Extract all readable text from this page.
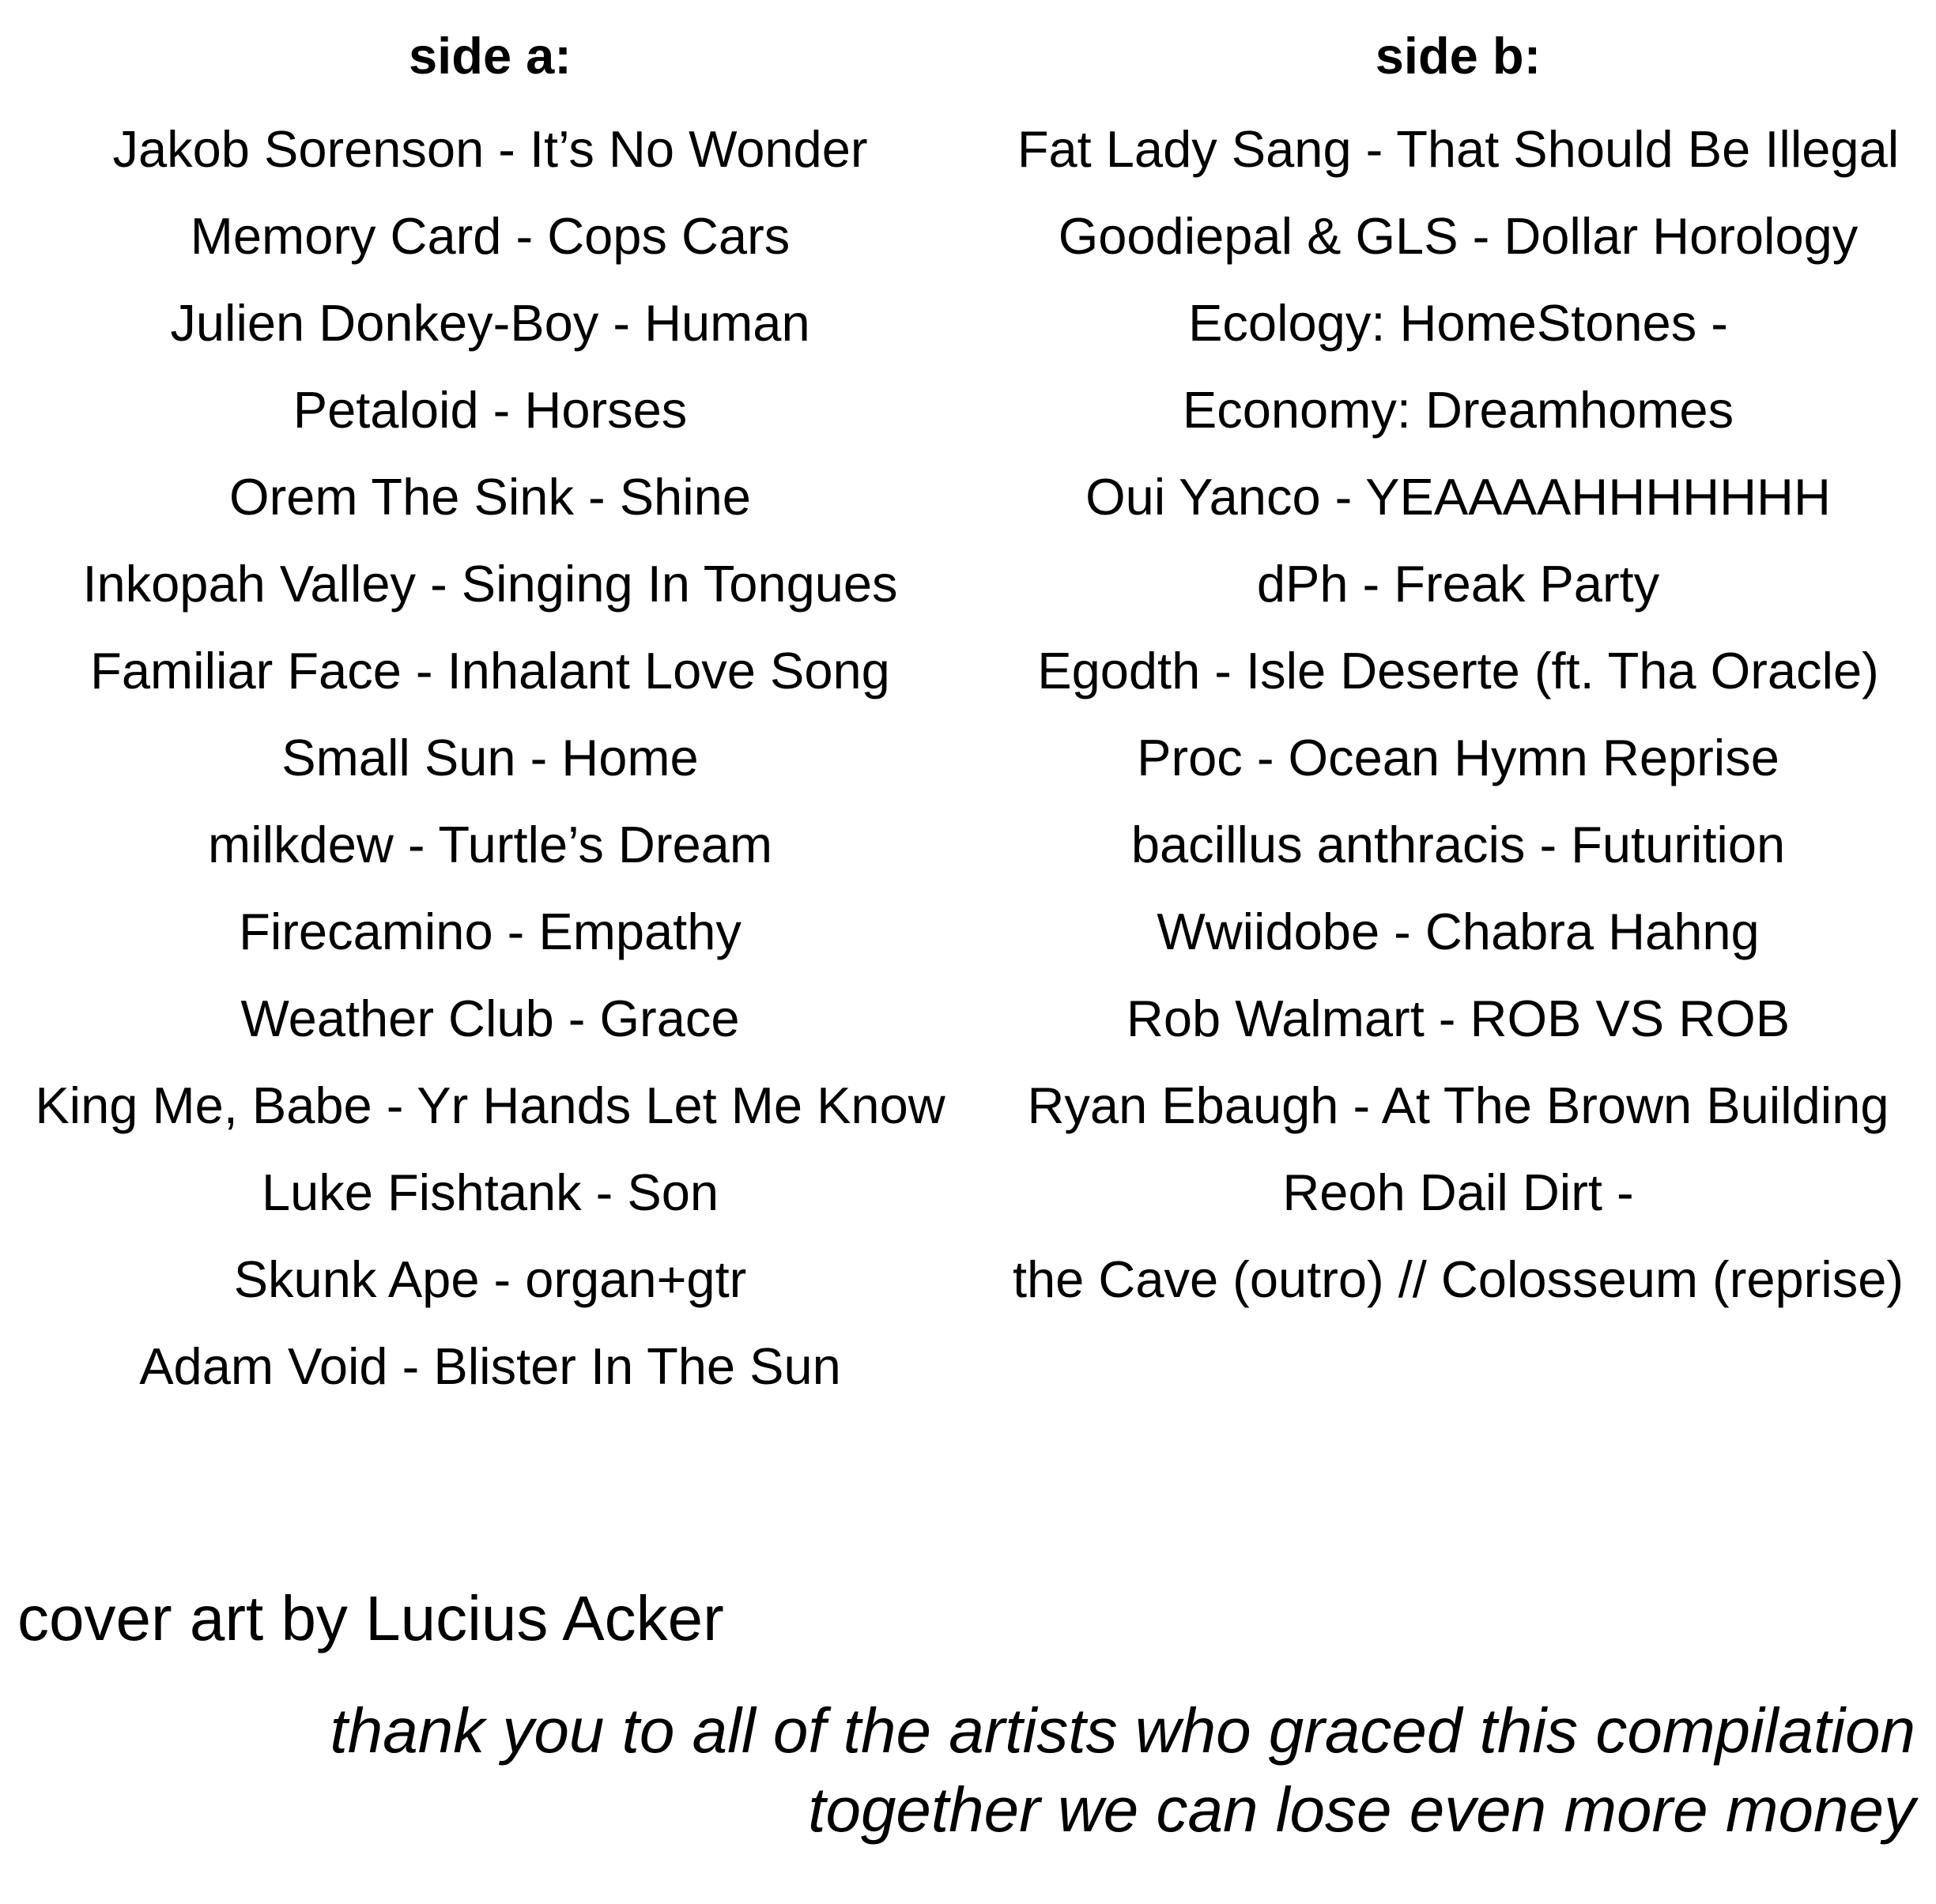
side a:
Jakob Sorenson - It’s No Wonder
Memory Card - Cops Cars
Julien Donkey-Boy - Human
Petaloid - Horses
Orem The Sink - Shine
Inkopah Valley - Singing In Tongues
Familiar Face - Inhalant Love Song
Small Sun - Home
milkdew - Turtle’s Dream
Firecamino - Empathy
Weather Club - Grace
King Me, Babe - Yr Hands Let Me Know
Luke Fishtank - Son
Skunk Ape - organ+gtr
Adam Void - Blister In The Sun
side b:
Fat Lady Sang - That Should Be Illegal
Goodiepal & GLS - Dollar Horology
Ecology: HomeStones -
Economy: Dreamhomes
Oui Yanco - YEAAAAHHHHHHH
dPh - Freak Party
Egodth - Isle Deserte (ft. Tha Oracle)
Proc - Ocean Hymn Reprise
bacillus anthracis - Futurition
Wwiidobe - Chabra Hahng
Rob Walmart - ROB VS ROB
Ryan Ebaugh - At The Brown Building
Reoh Dail Dirt -
the Cave (outro) // Colosseum (reprise)

cover art by Lucius Acker

thank you to all of the artists who graced this compilation
together we can lose even more money
